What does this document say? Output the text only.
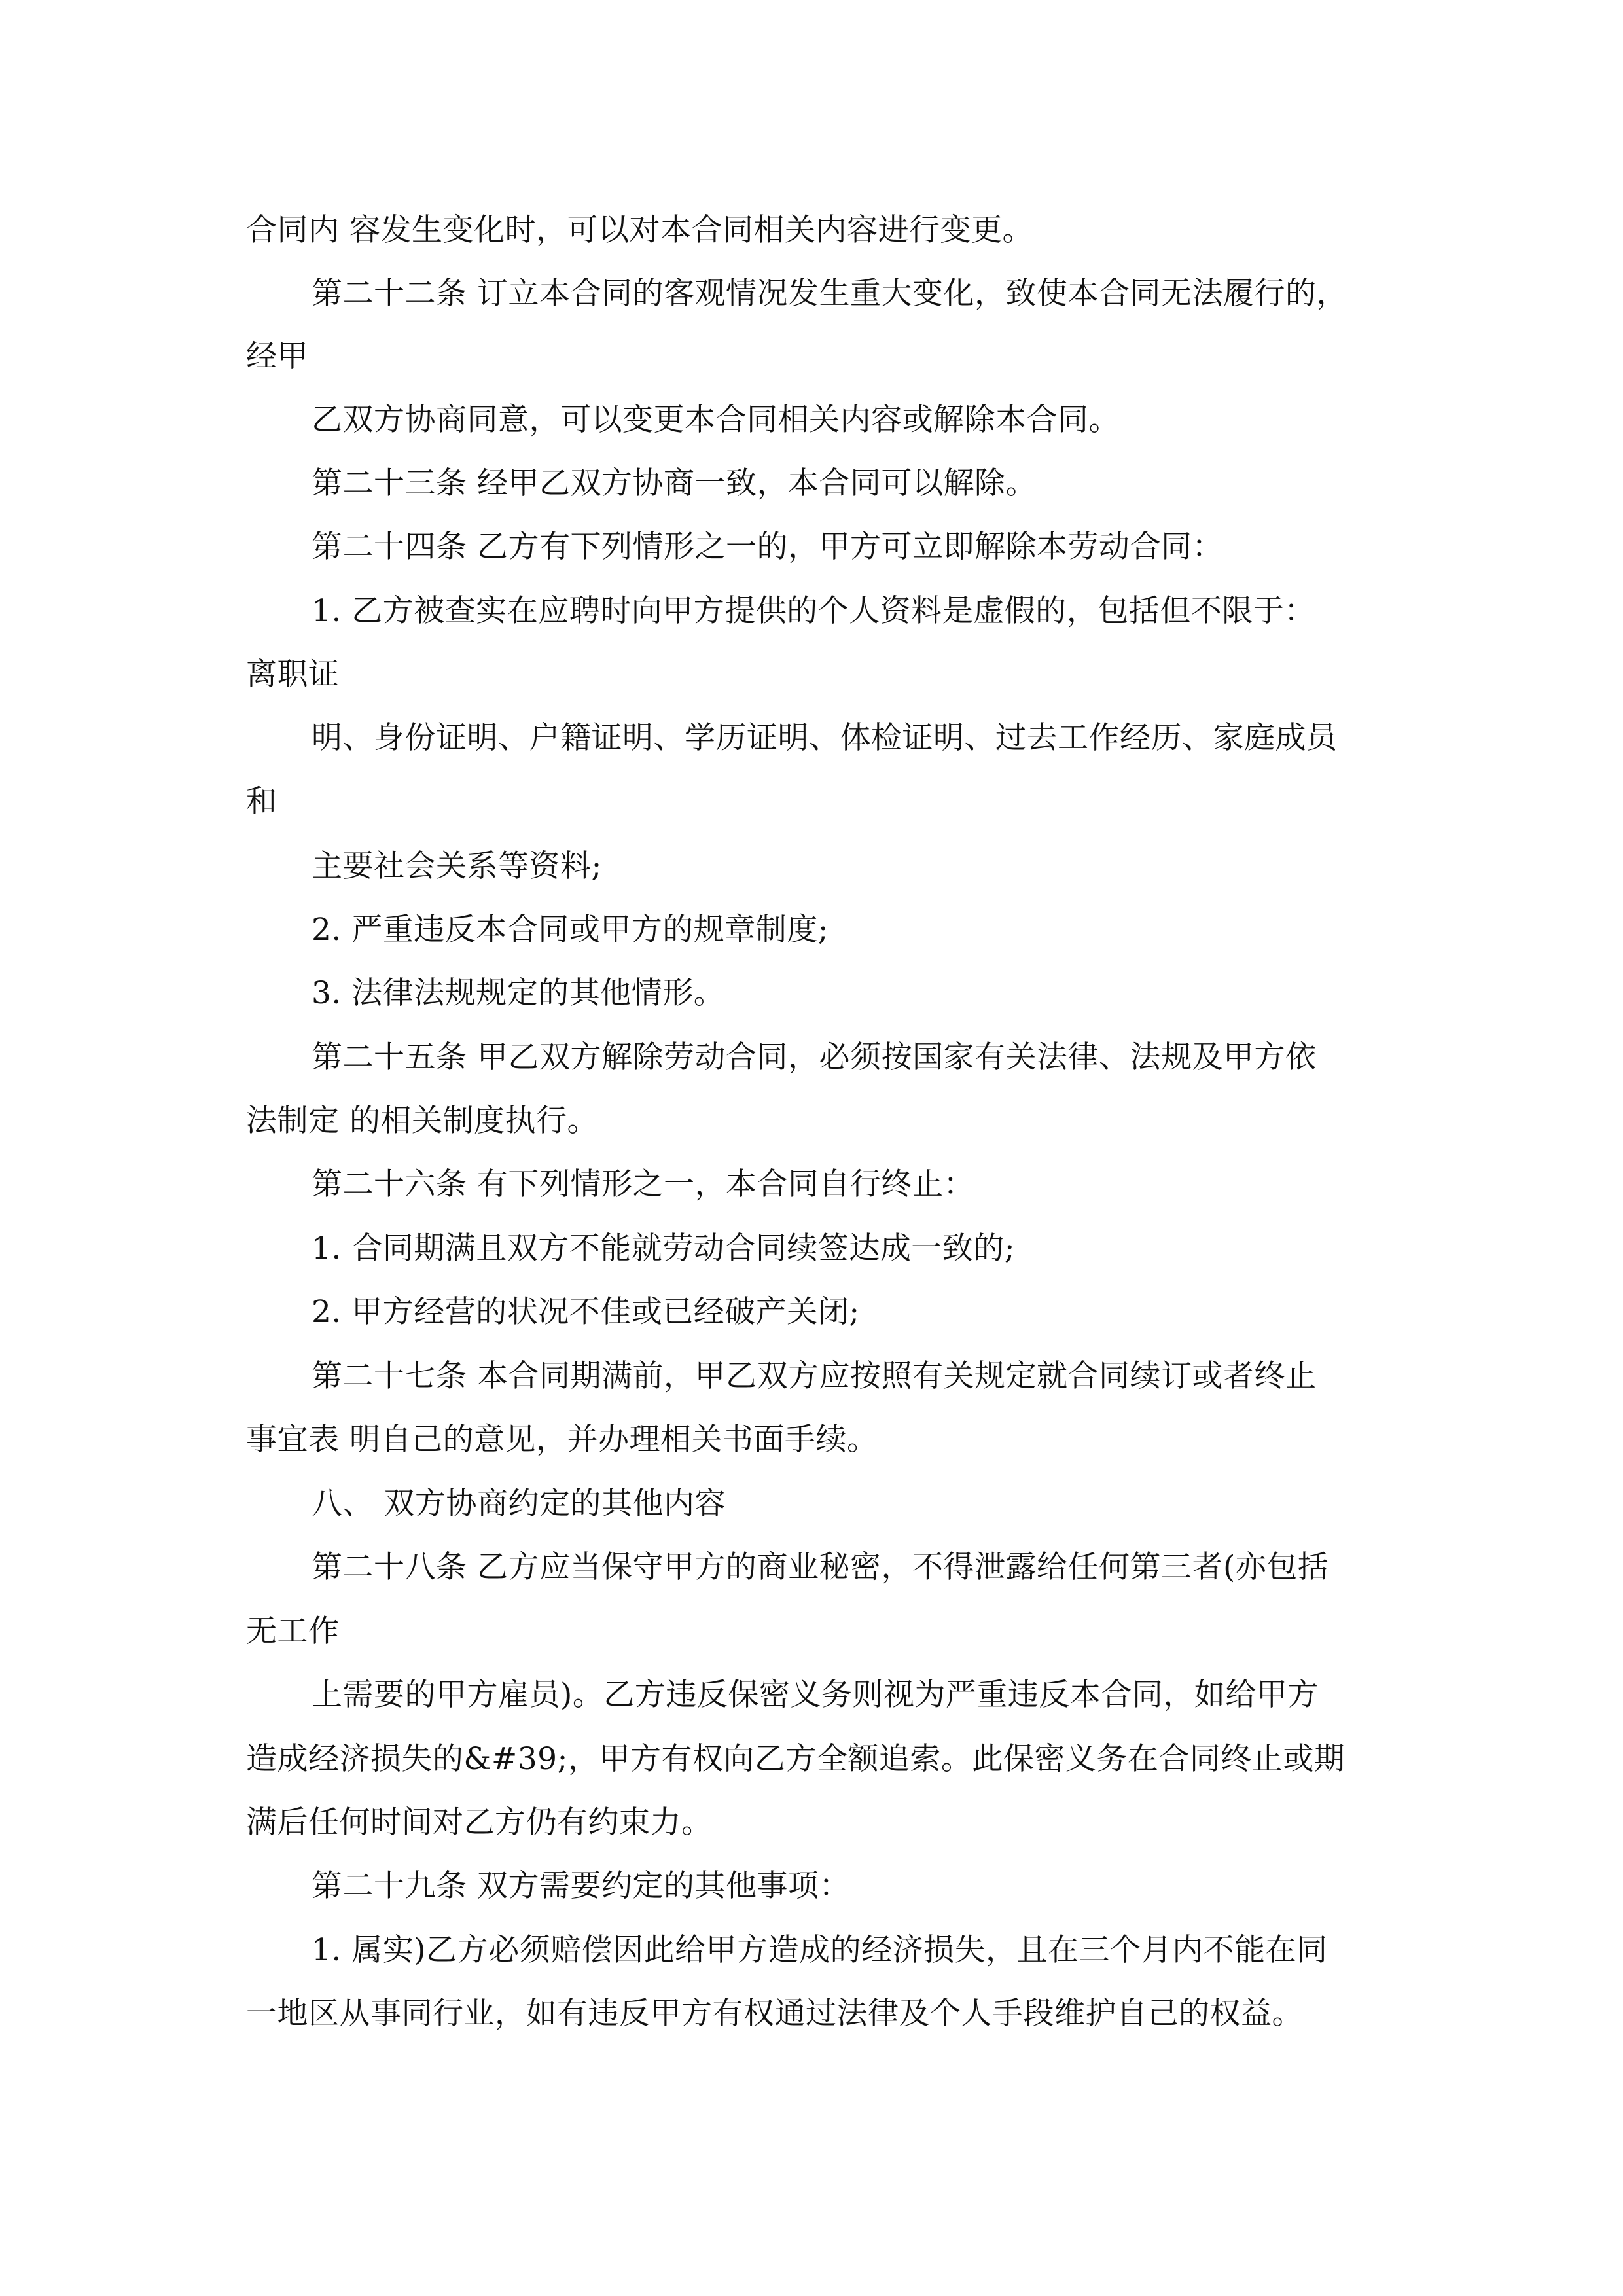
合同内 容发生变化时，可以对本合同相关内容进行变更。
第二十二条 订立本合同的客观情况发生重大变化，致使本合同无法履行的，
经甲
乙双方协商同意，可以变更本合同相关内容或解除本合同。
第二十三条 经甲乙双方协商一致，本合同可以解除。
第二十四条 乙方有下列情形之一的，甲方可立即解除本劳动合同：
1. 乙方被查实在应聘时向甲方提供的个人资料是虚假的，包括但不限于：
离职证
明、身份证明、户籍证明、学历证明、体检证明、过去工作经历、家庭成员
和
主要社会关系等资料;
2. 严重违反本合同或甲方的规章制度;
3. 法律法规规定的其他情形。
第二十五条 甲乙双方解除劳动合同，必须按国家有关法律、法规及甲方依
法制定 的相关制度执行。
第二十六条 有下列情形之一，本合同自行终止：
1. 合同期满且双方不能就劳动合同续签达成一致的;
2. 甲方经营的状况不佳或已经破产关闭;
第二十七条 本合同期满前，甲乙双方应按照有关规定就合同续订或者终止
事宜表 明自己的意见，并办理相关书面手续。
八、 双方协商约定的其他内容
第二十八条 乙方应当保守甲方的商业秘密，不得泄露给任何第三者(亦包括
无工作
上需要的甲方雇员)。乙方违反保密义务则视为严重违反本合同，如给甲方
造成经济损失的&#39;，甲方有权向乙方全额追索。此保密义务在合同终止或期
满后任何时间对乙方仍有约束力。
第二十九条 双方需要约定的其他事项：
1. 属实)乙方必须赔偿因此给甲方造成的经济损失，且在三个月内不能在同
一地区从事同行业，如有违反甲方有权通过法律及个人手段维护自己的权益。
